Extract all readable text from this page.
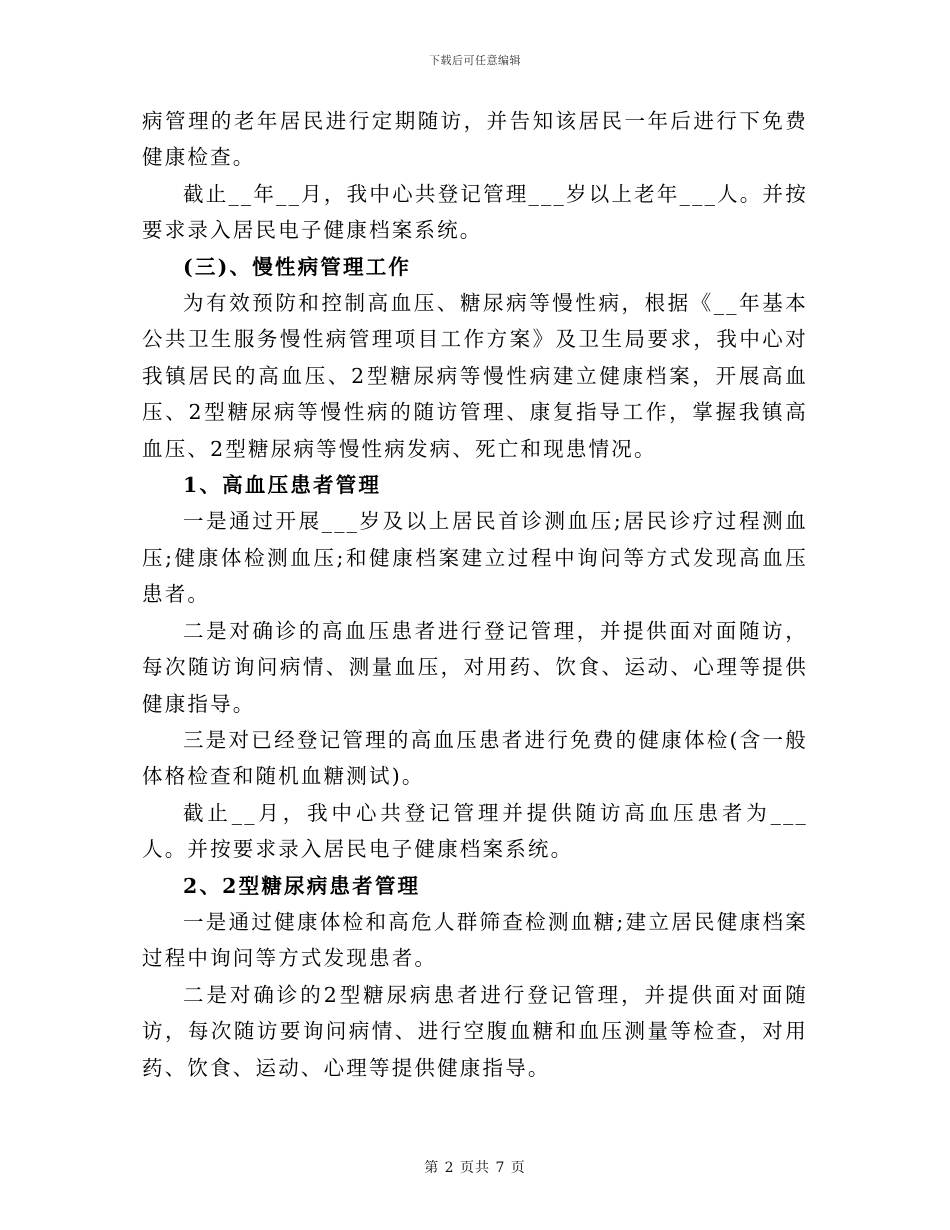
下载后可任意编辑

病管理的老年居民进行定期随访，并告知该居民一年后进行下免费健康检查。

截止__年__月，我中心共登记管理___岁以上老年___人。并按要求录入居民电子健康档案系统。

(三)、慢性病管理工作

为有效预防和控制高血压、糖尿病等慢性病，根据《__年基本公共卫生服务慢性病管理项目工作方案》及卫生局要求，我中心对我镇居民的高血压、2型糖尿病等慢性病建立健康档案，开展高血压、2型糖尿病等慢性病的随访管理、康复指导工作，掌握我镇高血压、2型糖尿病等慢性病发病、死亡和现患情况。

1、高血压患者管理

一是通过开展___岁及以上居民首诊测血压;居民诊疗过程测血压;健康体检测血压;和健康档案建立过程中询问等方式发现高血压患者。

二是对确诊的高血压患者进行登记管理，并提供面对面随访，每次随访询问病情、测量血压，对用药、饮食、运动、心理等提供健康指导。

三是对已经登记管理的高血压患者进行免费的健康体检(含一般体格检查和随机血糖测试)。

截止__月，我中心共登记管理并提供随访高血压患者为___人。并按要求录入居民电子健康档案系统。

2、2型糖尿病患者管理

一是通过健康体检和高危人群筛查检测血糖;建立居民健康档案过程中询问等方式发现患者。

二是对确诊的2型糖尿病患者进行登记管理，并提供面对面随访，每次随访要询问病情、进行空腹血糖和血压测量等检查，对用药、饮食、运动、心理等提供健康指导。

第 2 页共 7 页
